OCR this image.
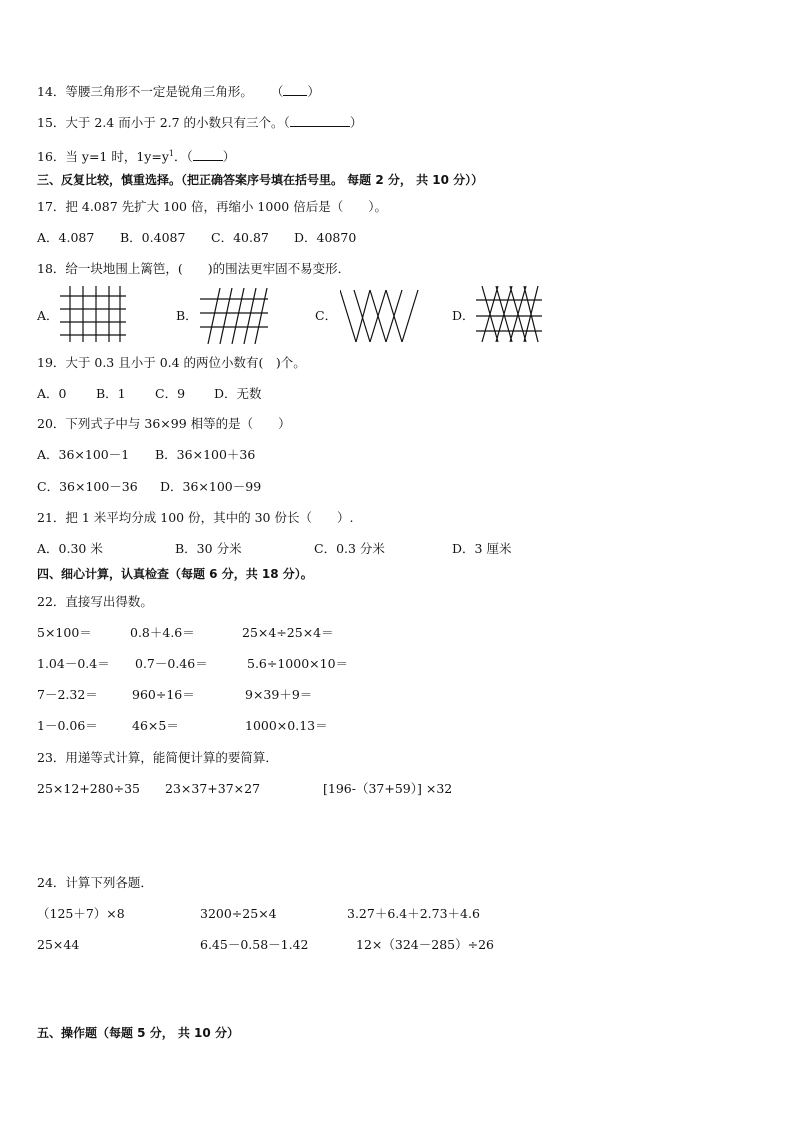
14．等腰三角形不一定是锐角三角形。 （ ）
15．大于 2.4 而小于 2.7 的小数只有三个。（	）
16．当 y=1 时，$1y=y^1$．（ ）
三、反复比较，慎重选择。（把正确答案序号填在括号里。 每题 2 分， 共 10 分））
17．把 4.087 先扩大 100 倍，再缩小 1000 倍后是（　　）。
A．4.087 B．0.4087 C．40.87 D．40870
18．给一块地围上篱笆，(　　)的围法更牢固不易变形．
A．	B．	C．	D．
19．大于 0.3 且小于 0.4 的两位小数有(　)个。
A．0 B．1 C．9 D．无数
20．下列式子中与 36×99 相等的是（　　）
A．36×100－1 B．36×100＋36
C．36×100－36 D．36×100－99
21．把 1 米平均分成 100 份，其中的 30 份长（　　）.
A．0.30 米	B．30 分米	C．0.3 分米	D．3 厘米
四、细心计算，认真检查（每题 6 分，共 18 分）。
22．直接写出得数。
5×100＝	0.8＋4.6＝	25×4÷25×4＝
1.04－0.4＝ 0.7－0.46＝	5.6÷1000×10＝
7－2.32＝	960÷16＝	9×39＋9＝
1－0.06＝	46×5＝	1000×0.13＝
23．用递等式计算，能简便计算的要简算．
25×12+280÷35 23×37+37×27	[196-（37+59）] ×32
24．计算下列各题．
（125＋7）×8	3200÷25×4	3.27＋6.4＋2.73＋4.6
25×44	6.45－0.58－1.42	12×（324－285）÷26
五、操作题（每题 5 分， 共 10 分）
